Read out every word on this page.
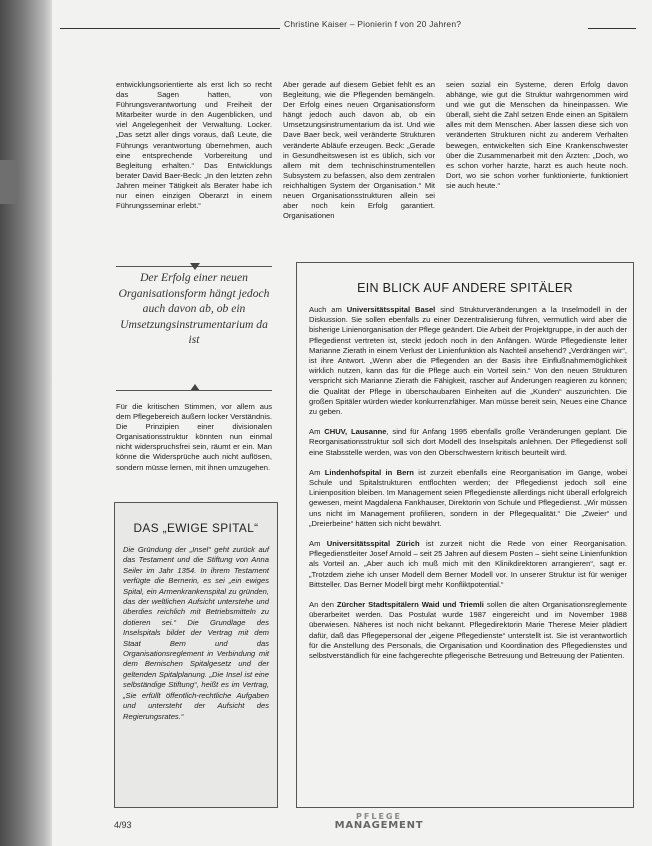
Christine Kaiser – Pionierin f von 20 Jahren?

entwicklungsorientierte als erst lich so recht das Sagen hatten, von Führungsverantwortung und Freiheit der Mitarbeiter wurde in den Augenblicken, und viel Angelegenheit der Verwaltung. Locker. „Das setzt aller dings voraus, daß Leute, die Führungs verantwortung übernehmen, auch eine entsprechende Vorbereitung und Begleitung erhalten.“ Das Entwicklungs berater David Baer-Beck: „In den letzten zehn Jahren meiner Tätigkeit als Berater habe ich nur einen einzigen Oberarzt in einem Führungsseminar erlebt.“

Aber gerade auf diesem Gebiet fehlt es an Begleitung, wie die Pflegenden bemängeln. Der Erfolg eines neuen Organisationsform hängt jedoch auch davon ab, ob ein Umsetzungsinstrumentarium da ist. Und wie Dave Baer beck, weil veränderte Strukturen veränderte Abläufe erzeugen. Beck: „Gerade in Gesundheitswesen ist es üblich, sich vor allem mit dem technischinstrumentellen Subsystem zu befassen, also dem zentralen reichhaltigen System der Organisation.“ Mit neuen Organisationsstrukturen allein sei aber noch kein Erfolg garantiert. Organisationen

seien sozial ein Systeme, deren Erfolg davon abhänge, wie gut die Struktur wahrgenommen wird und wie gut die Menschen da hineinpassen. Wie überall, sieht die Zahl setzen Ende einen an Spitälern alles mit dem Menschen. Aber lassen diese sich von veränderten Strukturen nicht zu anderem Verhalten bewegen, entwickelten sich Eine Krankenschwester über die Zusammenarbeit mit den Ärzten: „Doch, wo es schon vorher harzte, harzt es auch heute noch. Dort, wo sie schon vorher funktionierte, funktioniert sie auch heute.“

Der Erfolg einer neuen Organisationsform hängt jedoch auch davon ab, ob ein Umsetzungsinstrumentarium da ist

Für die kritischen Stimmen, vor allem aus dem Pflegebereich äußern locker Verständnis. Die Prinzipien einer divisionalen Organisationsstruktur könnten nun einmal nicht widerspruchsfrei sein, räumt er ein. Man könne die Widersprüche auch nicht auflösen, sondern müsse lernen, mit ihnen umzugehen.

DAS „EWIGE SPITAL“
Die Gründung der „Insel“ geht zurück auf das Testament und die Stiftung von Anna Seiler im Jahr 1354. In ihrem Testament verfügte die Bernerin, es sei „ein ewiges Spital, ein Armenkrankenspital zu gründen, das der weltlichen Aufsicht unterstehe und überdies reichlich mit Betriebsmitteln zu dotieren sei.“ Die Grundlage des Inselspitals bildet der Vertrag mit dem Staat Bern und das Organisationsreglement in Verbindung mit dem Bernischen Spitalgesetz und der geltenden Spitalplanung. „Die Insel ist eine selbständige Stiftung“, heißt es im Vertrag, „Sie erfüllt öffentlich-rechtliche Aufgaben und untersteht der Aufsicht des Regierungsrates.“
EIN BLICK AUF ANDERE SPITÄLER

Auch am Universitätsspital Basel sind Strukturveränderungen a la Inselmodell in der Diskussion. Sie sollen ebenfalls zu einer Dezentralisierung führen, vermutlich wird aber die bisherige Linienorganisation der Pflege geändert. Die Arbeit der Projektgruppe, in der auch der Pflegedienst vertreten ist, steckt jedoch noch in den Anfängen. Würde Pflegedienste leiter Marianne Zierath in einem Verlust der Linienfunktion als Nachteil ansehend? „Verdrängen wir“, ist ihre Antwort. „Wenn aber die Pflegenden an der Basis ihre Einflußnahmemöglichkeit wirklich nutzen, kann das für die Pflege auch ein Vorteil sein.“ Von den neuen Strukturen verspricht sich Marianne Zierath die Fähigkeit, rascher auf Änderungen reagieren zu können; die Qualität der Pflege in überschaubaren Einheiten auf die „Kunden“ auszurichten. Die großen Spitäler würden wieder konkurrenzfähiger. Man müsse bereit sein, Neues eine Chance zu geben.

Am CHUV, Lausanne, sind für Anfang 1995 ebenfalls große Veränderungen geplant. Die Reorganisationsstruktur soll sich dort Modell des Inselspitals anlehnen. Der Pflegedienst soll eine Stabsstelle werden, was von den Oberschwestern kritisch beurteilt wird.

Am Lindenhofspital in Bern ist zurzeit ebenfalls eine Reorganisation im Gange, wobei Schule und Spitalstrukturen entflochten werden; der Pflegedienst jedoch soll eine Linienposition bleiben. Im Management seien Pflegedienste allerdings nicht überall erfolgreich gewesen, meint Magdalena Fankhauser, Direktorin von Schule und Pflegedienst. „Wir müssen uns nicht im Management profilieren, sondern in der Pflegequalität.“ Die „Zweier“ und „Dreierbeine“ hätten sich nicht bewährt.

Am Universitätsspital Zürich ist zurzeit nicht die Rede von einer Reorganisation. Pflegedienstleiter Josef Arnold – seit 25 Jahren auf diesem Posten – sieht seine Linienfunktion als Vorteil an. „Aber auch ich muß mich mit den Klinikdirektoren arrangieren“, sagt er. „Trotzdem ziehe ich unser Modell dem Berner Modell vor. In unserer Struktur ist für weniger Bittsteller. Das Berner Modell birgt mehr Konfliktpotential.“

An den Zürcher Stadtspitälern Waid und Triemli sollen die alten Organisationsreglemente überarbeitet werden. Das Postulat wurde 1987 eingereicht und im November 1988 überwiesen. Näheres ist noch nicht bekannt. Pflegedirektorin Marie Therese Meier plädiert dafür, daß das Pflegepersonal der „eigene Pflegedienste“ unterstellt ist. Sie ist verantwortlich für die Anstellung des Personals, die Organisation und Koordination des Pflegedienstes und selbstverständlich für eine fachgerechte pflegerische Betreuung und Betreuung der Patienten.

4/93
PFLEGE
MANAGEMENT
